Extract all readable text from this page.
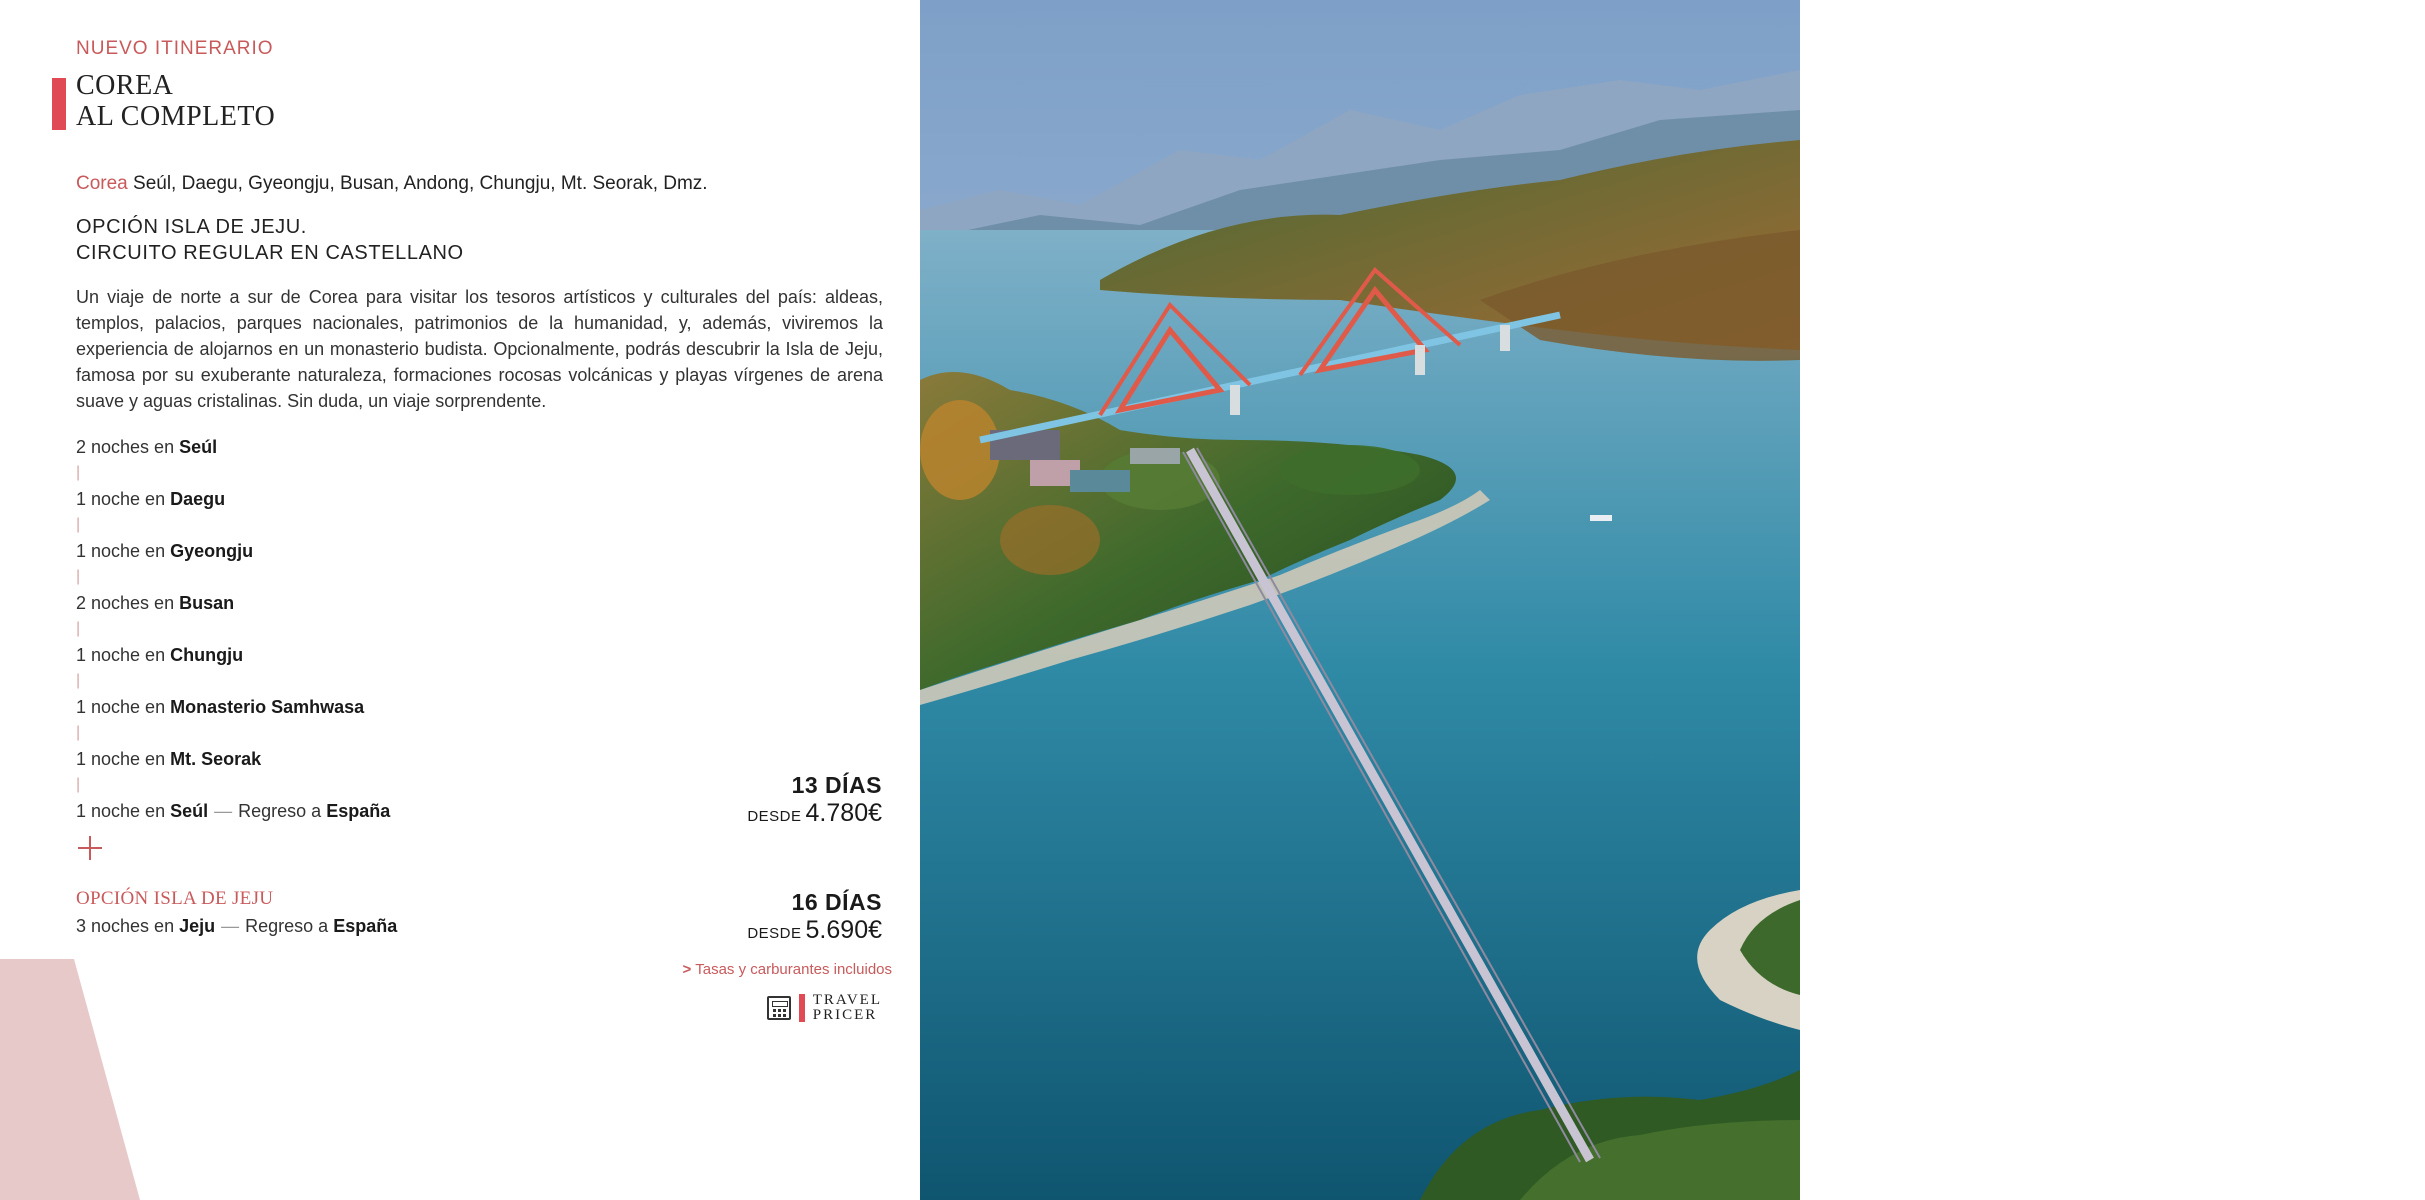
NUEVO ITINERARIO
COREA
AL COMPLETO
Corea Seúl, Daegu, Gyeongju, Busan, Andong, Chungju, Mt. Seorak, Dmz.
OPCIÓN ISLA DE JEJU.
CIRCUITO REGULAR EN CASTELLANO

Un viaje de norte a sur de Corea para visitar los tesoros artísticos y culturales del país: aldeas, templos, palacios, parques nacionales, patrimonios de la humanidad, y, además, viviremos la experiencia de alojarnos en un monasterio budista. Opcionalmente, podrás descubrir la Isla de Jeju, famosa por su exuberante naturaleza, formaciones rocosas volcánicas y playas vírgenes de arena suave y aguas cristalinas. Sin duda, un viaje sorprendente.

2 noches en Seúl
|
1 noche en Daegu
|
1 noche en Gyeongju
|
2 noches en Busan
|
1 noche en Chungju
|
1 noche en Monasterio Samhwasa
|
1 noche en Mt. Seorak
|
1 noche en Seúl — Regreso a España
OPCIÓN ISLA DE JEJU
3 noches en Jeju — Regreso a España
13 DÍAS
DESDE 4.780€
16 DÍAS
DESDE 5.690€
> Tasas y carburantes incluidos
TRAVEL
PRICER
CATAI DESCUBRE EL
MUNDO QUE
IMAGINAS
